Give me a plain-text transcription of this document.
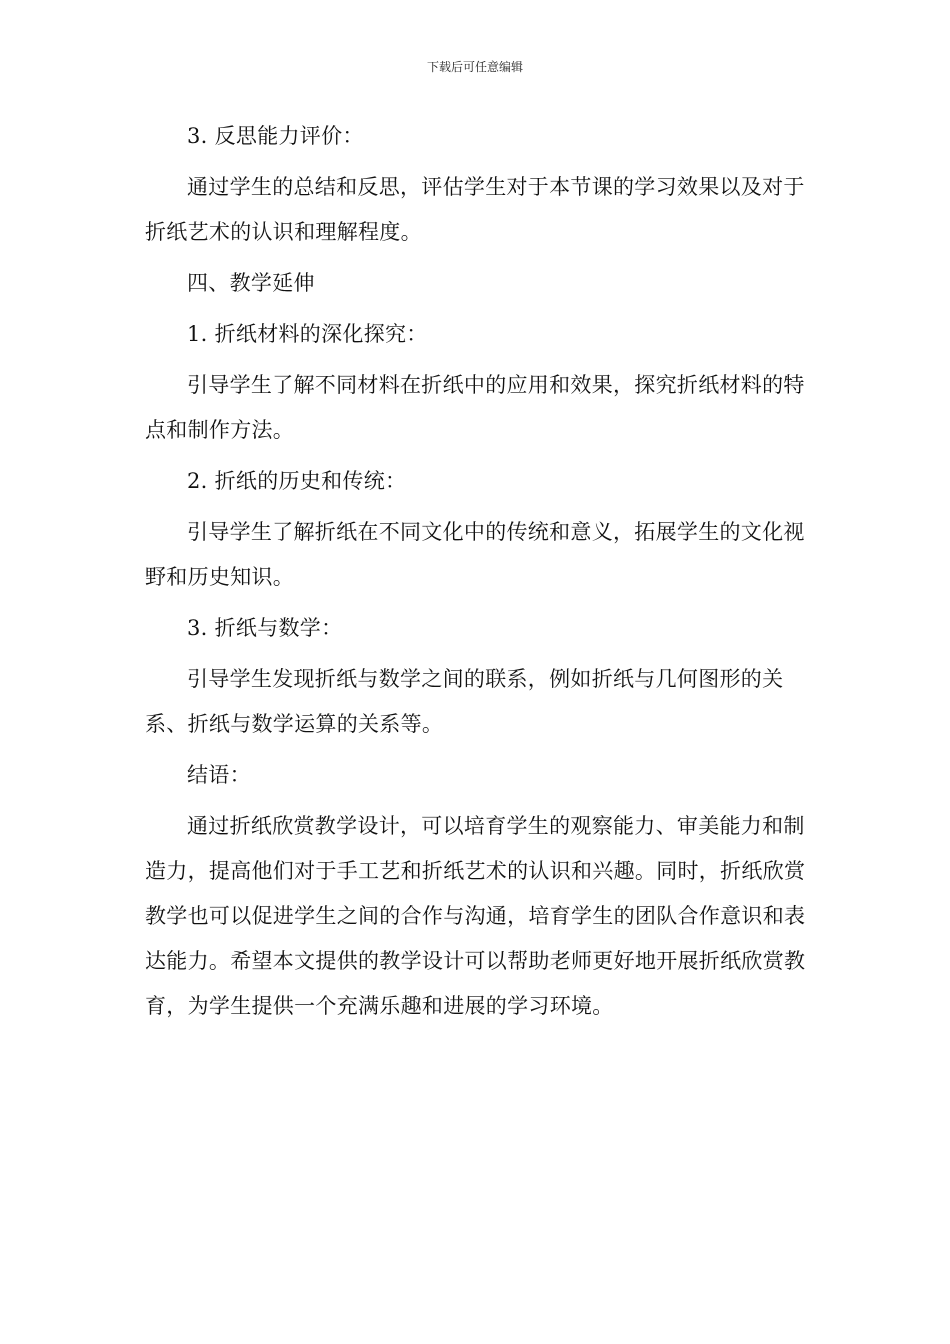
下载后可任意编辑

3. 反思能力评价：

通过学生的总结和反思，评估学生对于本节课的学习效果以及对于折纸艺术的认识和理解程度。

四、教学延伸

1. 折纸材料的深化探究：

引导学生了解不同材料在折纸中的应用和效果，探究折纸材料的特点和制作方法。

2. 折纸的历史和传统：

引导学生了解折纸在不同文化中的传统和意义，拓展学生的文化视野和历史知识。

3. 折纸与数学：

引导学生发现折纸与数学之间的联系，例如折纸与几何图形的关系、折纸与数学运算的关系等。

结语：

通过折纸欣赏教学设计，可以培育学生的观察能力、审美能力和制造力，提高他们对于手工艺和折纸艺术的认识和兴趣。同时，折纸欣赏教学也可以促进学生之间的合作与沟通，培育学生的团队合作意识和表达能力。希望本文提供的教学设计可以帮助老师更好地开展折纸欣赏教育，为学生提供一个充满乐趣和进展的学习环境。
